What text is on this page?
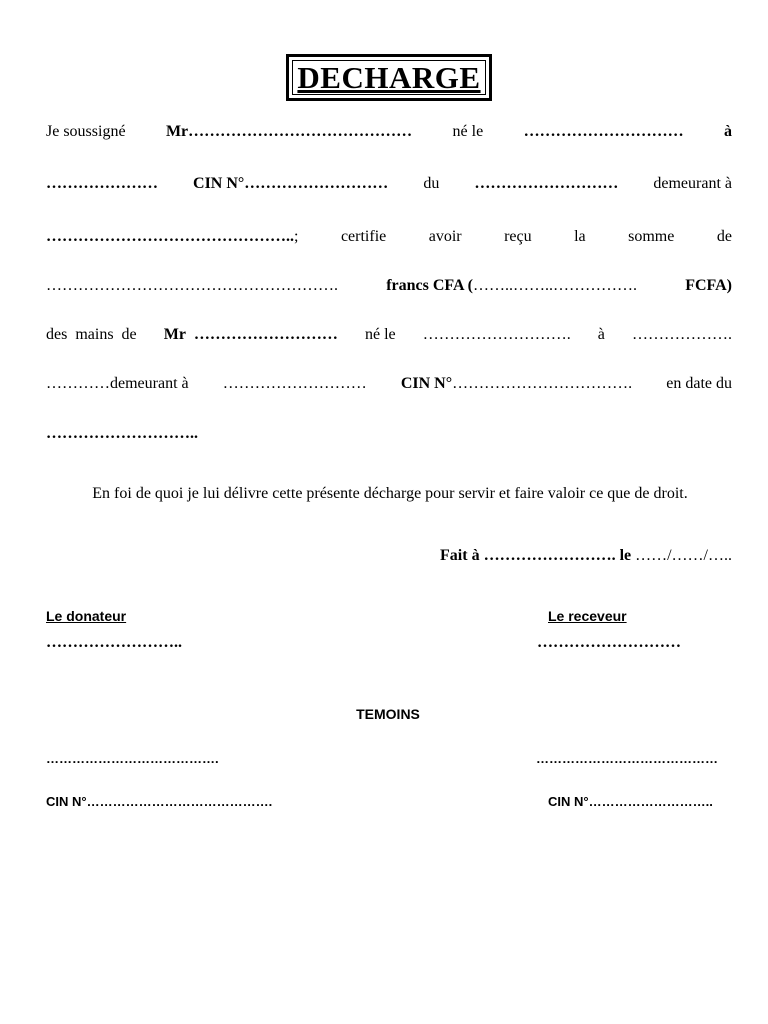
DECHARGE
Je soussigné	Mr……………………………………	né le	…………………………	à
………………… CIN N°……………………… du ……………………… demeurant à
………………………………………..;	certifie	avoir	reçu	la	somme	de
……………………………………………….	francs CFA (……..……..…………….	FCFA)
des mains de Mr ……………………… né le ………………………. à ……………….
…………demeurant à ……………………… CIN N°……………………………. en date du
………………………..
En foi de quoi je lui délivre cette présente décharge pour servir et faire valoir ce que de droit.
Fait à ……………………. le ……/……/…..
Le donateur
……………………..
Le receveur
………………………
TEMOINS
………………………………….	……………………………………
CIN N°…………………………………….	CIN N°………………………..
